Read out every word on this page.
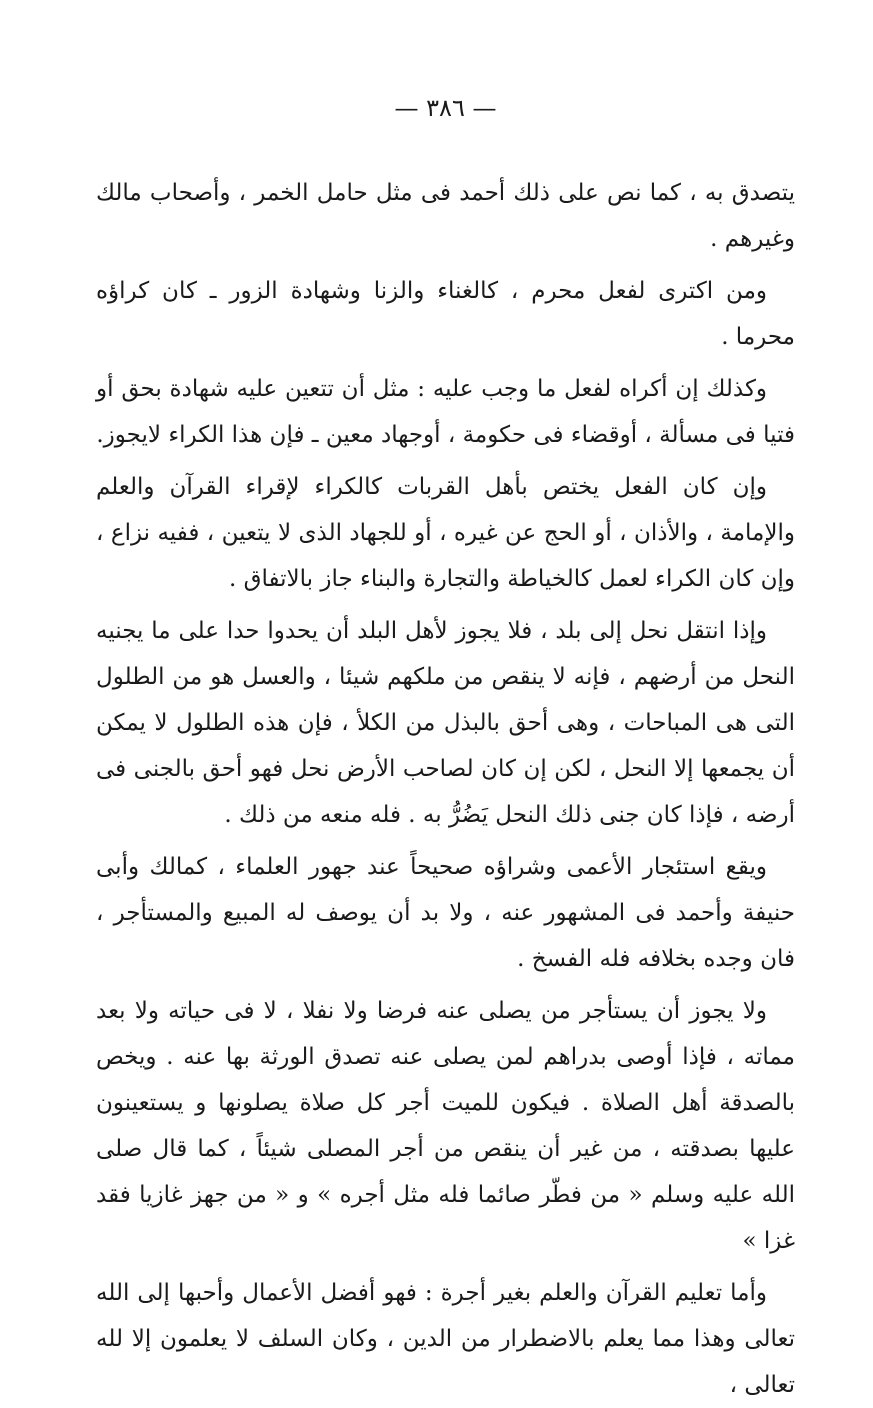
— ٣٨٦ —

يتصدق به ، كما نص على ذلك أحمد فى مثل حامل الخمر ، وأصحاب مالك وغيرهم .

ومن اكترى لفعل محرم ، كالغناء والزنا وشهادة الزور ـ كان كراؤه محرما .

وكذلك إن أكراه لفعل ما وجب عليه : مثل أن تتعين عليه شهادة بحق أو فتيا فى مسألة ، أوقضاء فى حكومة ، أوجهاد معين ـ فإن هذا الكراء لايجوز.

وإن كان الفعل يختص بأهل القربات كالكراء لإقراء القرآن والعلم والإمامة ، والأذان ، أو الحج عن غيره ، أو للجهاد الذى لا يتعين ، ففيه نزاع ، وإن كان الكراء لعمل كالخياطة والتجارة والبناء جاز بالاتفاق .

وإذا انتقل نحل إلى بلد ، فلا يجوز لأهل البلد أن يحدوا حدا على ما يجنيه النحل من أرضهم ، فإنه لا ينقص من ملكهم شيئا ، والعسل هو من الطلول التى هى المباحات ، وهى أحق بالبذل من الكلأ ، فإن هذه الطلول لا يمكن أن يجمعها إلا النحل ، لكن إن كان لصاحب الأرض نحل فهو أحق بالجنى فى أرضه ، فإذا كان جنى ذلك النحل يَضُرُّ به . فله منعه من ذلك .

ويقع استئجار الأعمى وشراؤه صحيحاً عند جهور العلماء ، كمالك وأبى حنيفة وأحمد فى المشهور عنه ، ولا بد أن يوصف له المبيع والمستأجر ، فان وجده بخلافه فله الفسخ .

ولا يجوز أن يستأجر من يصلى عنه فرضا ولا نفلا ، لا فى حياته ولا بعد مماته ، فإذا أوصى بدراهم لمن يصلى عنه تصدق الورثة بها عنه . ويخص بالصدقة أهل الصلاة . فيكون للميت أجر كل صلاة يصلونها و يستعينون عليها بصدقته ، من غير أن ينقص من أجر المصلى شيئاً ، كما قال صلى الله عليه وسلم « من فطّر صائما فله مثل أجره » و « من جهز غازيا فقد غزا »

وأما تعليم القرآن والعلم بغير أجرة : فهو أفضل الأعمال وأحبها إلى الله تعالى وهذا مما يعلم بالاضطرار من الدين ، وكان السلف لا يعلمون إلا لله تعالى ،
